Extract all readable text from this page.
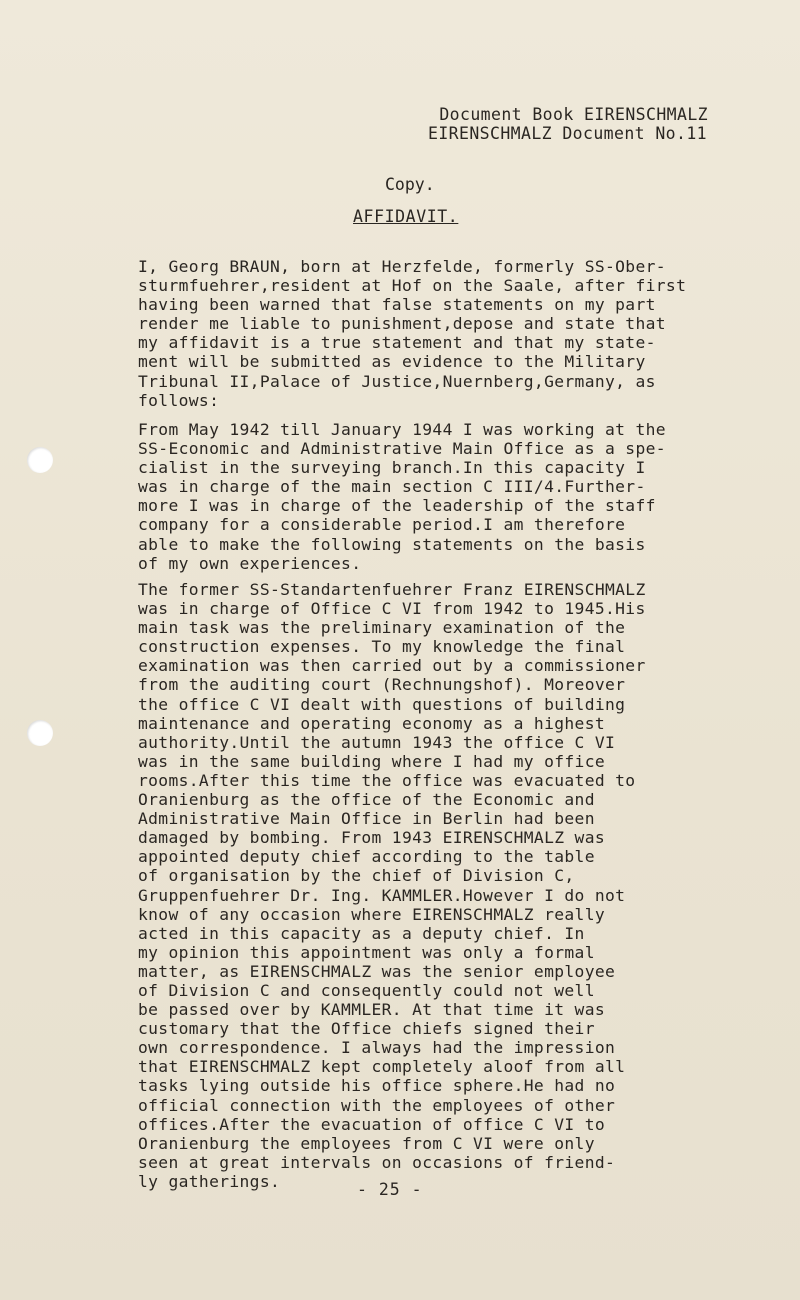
Document Book EIRENSCHMALZ
EIRENSCHMALZ Document No.11
Copy.
AFFIDAVIT.

I, Georg BRAUN, born at Herzfelde, formerly SS-Ober-
sturmfuehrer,resident at Hof on the Saale, after first
having been warned that false statements on my part
render me liable to punishment,depose and state that
my affidavit is a true statement and that my state-
ment will be submitted as evidence to the Military
Tribunal II,Palace of Justice,Nuernberg,Germany, as
follows:

From May 1942 till January 1944 I was working at the
SS-Economic and Administrative Main Office as a spe-
cialist in the surveying branch.In this capacity I
was in charge of the main section C III/4.Further-
more I was in charge of the leadership of the staff
company for a considerable period.I am therefore
able to make the following statements on the basis
of my own experiences.

The former SS-Standartenfuehrer Franz EIRENSCHMALZ
was in charge of Office C VI from 1942 to 1945.His
main task was the preliminary examination of the
construction expenses. To my knowledge the final
examination was then carried out by a commissioner
from the auditing court (Rechnungshof). Moreover
the office C VI dealt with questions of building
maintenance and operating economy as a highest
authority.Until the autumn 1943 the office C VI
was in the same building where I had my office
rooms.After this time the office was evacuated to
Oranienburg as the office of the Economic and
Administrative Main Office in Berlin had been
damaged by bombing. From 1943 EIRENSCHMALZ was
appointed deputy chief according to the table
of organisation by the chief of Division C,
Gruppenfuehrer Dr. Ing. KAMMLER.However I do not
know of any occasion where EIRENSCHMALZ really
acted in this capacity as a deputy chief. In
my opinion this appointment was only a formal
matter, as EIRENSCHMALZ was the senior employee
of Division C and consequently could not well
be passed over by KAMMLER. At that time it was
customary that the Office chiefs signed their
own correspondence. I always had the impression
that EIRENSCHMALZ kept completely aloof from all
tasks lying outside his office sphere.He had no
official connection with the employees of other
offices.After the evacuation of office C VI to
Oranienburg the employees from C VI were only
seen at great intervals on occasions of friend-
ly gatherings.	- 25 -
